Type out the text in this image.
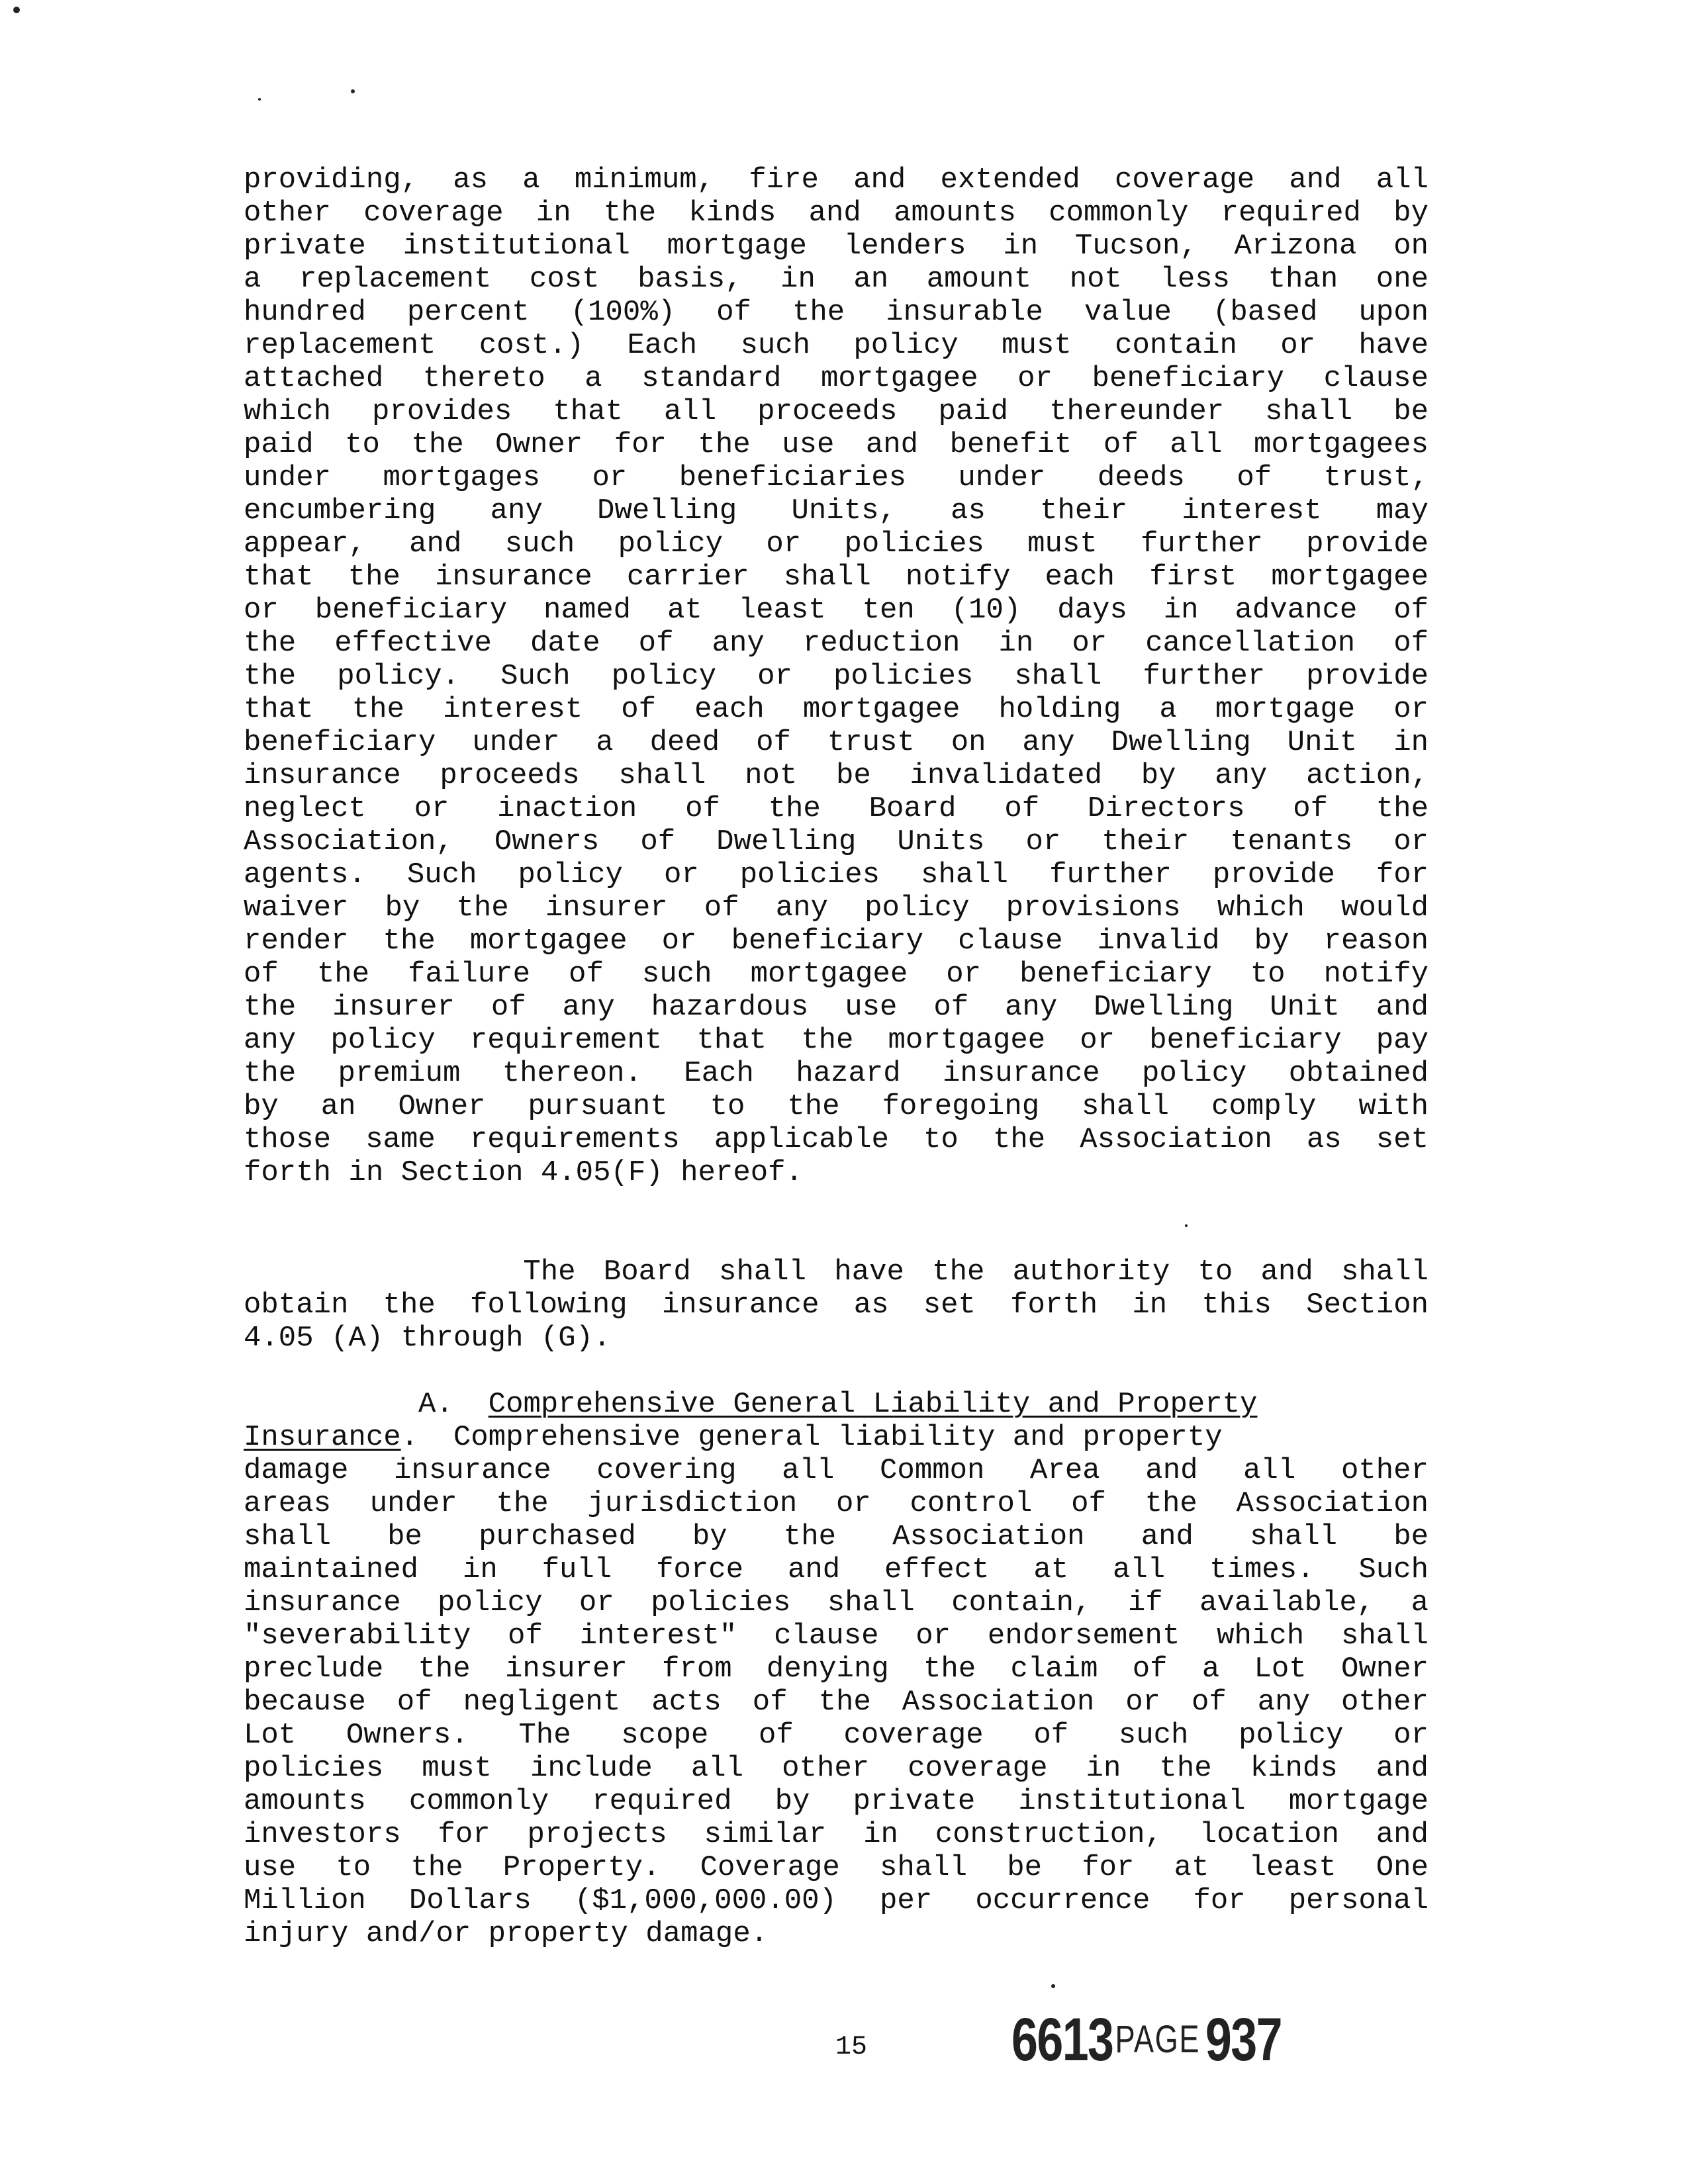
providing, as a minimum, fire and extended coverage and all
other coverage in the kinds and amounts commonly required by
private institutional mortgage lenders in Tucson, Arizona on
a replacement cost basis, in an amount not less than one
hundred percent (100%) of the insurable value (based upon
replacement cost.) Each such policy must contain or have
attached thereto a standard mortgagee or beneficiary clause
which provides that all proceeds paid thereunder shall be
paid to the Owner for the use and benefit of all mortgagees
under mortgages or beneficiaries under deeds of trust,
encumbering any Dwelling Units, as their interest may
appear, and such policy or policies must further provide
that the insurance carrier shall notify each first mortgagee
or beneficiary named at least ten (10) days in advance of
the effective date of any reduction in or cancellation of
the policy. Such policy or policies shall further provide
that the interest of each mortgagee holding a mortgage or
beneficiary under a deed of trust on any Dwelling Unit in
insurance proceeds shall not be invalidated by any action,
neglect or inaction of the Board of Directors of the
Association, Owners of Dwelling Units or their tenants or
agents. Such policy or policies shall further provide for
waiver by the insurer of any policy provisions which would
render the mortgagee or beneficiary clause invalid by reason
of the failure of such mortgagee or beneficiary to notify
the insurer of any hazardous use of any Dwelling Unit and
any policy requirement that the mortgagee or beneficiary pay
the premium thereon. Each hazard insurance policy obtained
by an Owner pursuant to the foregoing shall comply with
those same requirements applicable to the Association as set
forth in Section 4.05(F) hereof.
The Board shall have the authority to and shall
obtain the following insurance as set forth in this Section
4.05 (A) through (G).
A. Comprehensive General Liability and Property
Insurance.  Comprehensive general liability and property
damage insurance covering all Common Area and all other
areas under the jurisdiction or control of the Association
shall be purchased by the Association and shall be
maintained in full force and effect at all times. Such
insurance policy or policies shall contain, if available, a
"severability of interest" clause or endorsement which shall
preclude the insurer from denying the claim of a Lot Owner
because of negligent acts of the Association or of any other
Lot Owners. The scope of coverage of such policy or
policies must include all other coverage in the kinds and
amounts commonly required by private institutional mortgage
investors for projects similar in construction, location and
use to the Property. Coverage shall be for at least One
Million Dollars ($1,000,000.00) per occurrence for personal
injury and/or property damage.
15 6613PAGE937
